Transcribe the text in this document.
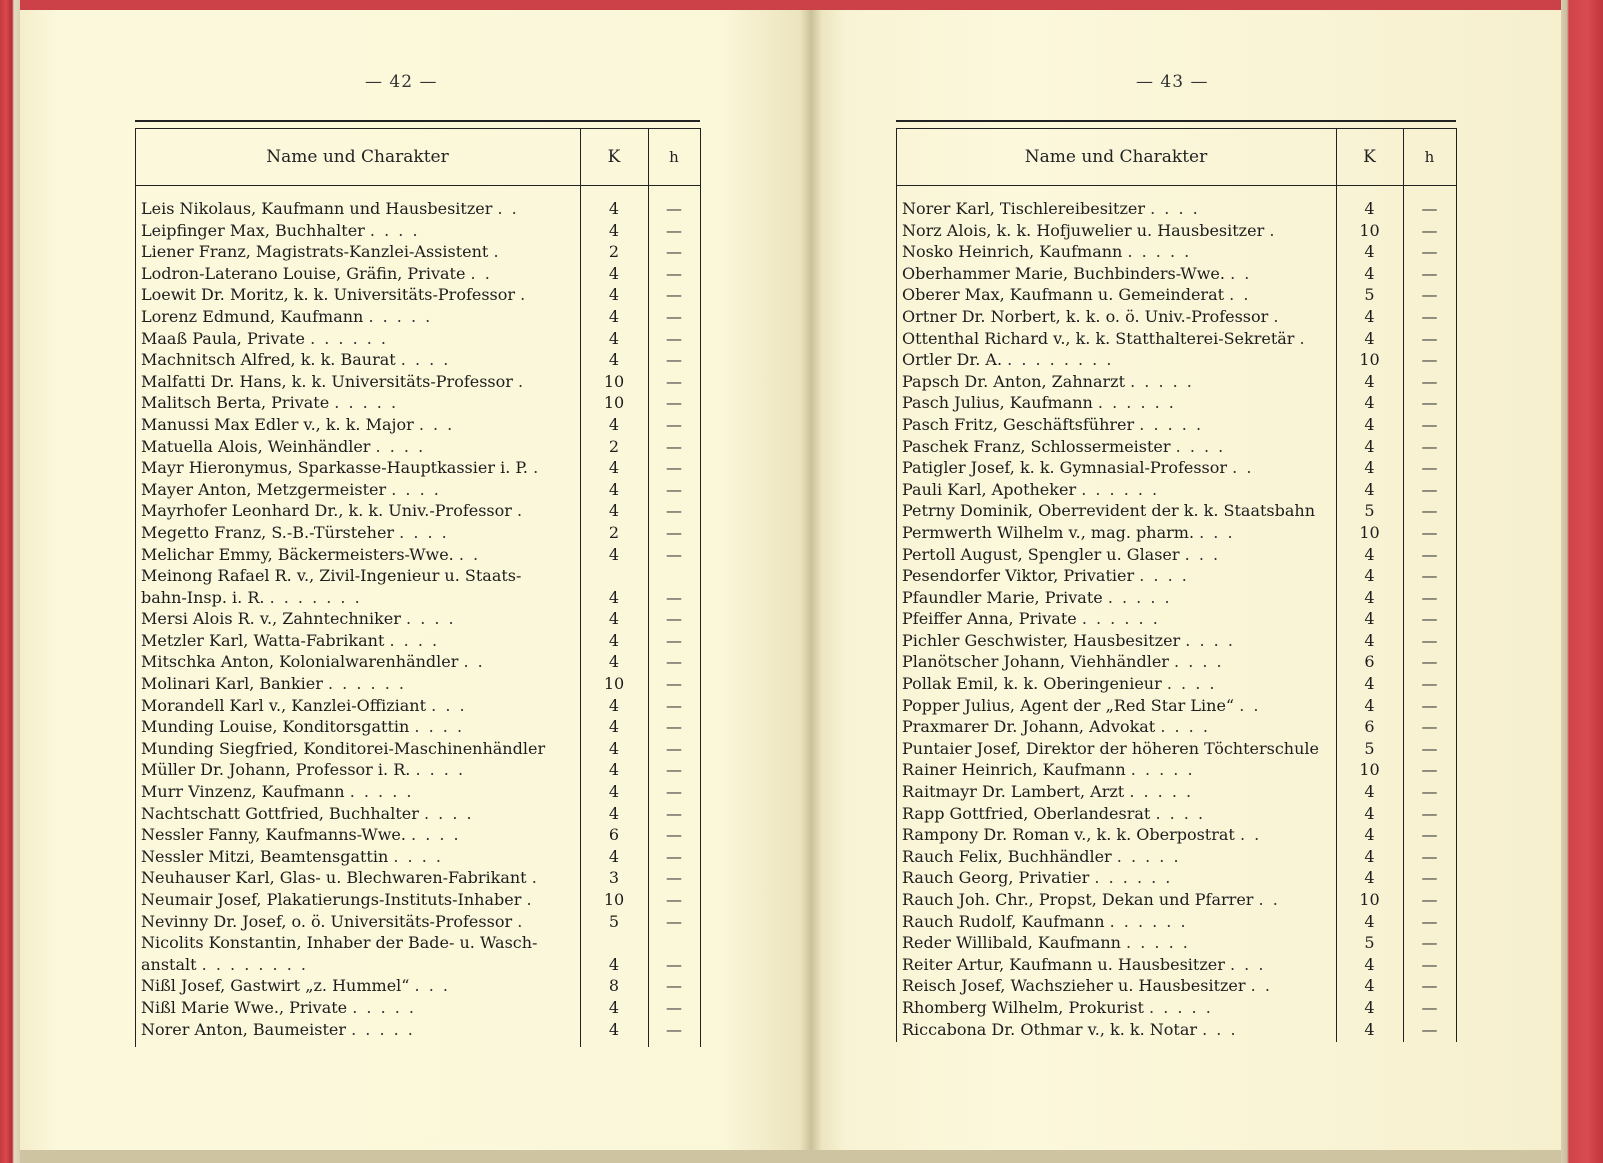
— 42 —
Name und Charakter	K	h
Leis Nikolaus, Kaufmann und Hausbesitzer . .	4	—
Leipfinger Max, Buchhalter . . . .	4	—
Liener Franz, Magistrats-Kanzlei-Assistent .	2	—
Lodron-Laterano Louise, Gräfin, Private . .	4	—
Loewit Dr. Moritz, k. k. Universitäts-Professor .	4	—
Lorenz Edmund, Kaufmann . . . . .	4	—
Maaß Paula, Private . . . . . .	4	—
Machnitsch Alfred, k. k. Baurat . . . .	4	—
Malfatti Dr. Hans, k. k. Universitäts-Professor .	10	—
Malitsch Berta, Private . . . . .	10	—
Manussi Max Edler v., k. k. Major . . .	4	—
Matuella Alois, Weinhändler . . . .	2	—
Mayr Hieronymus, Sparkasse-Hauptkassier i. P. .	4	—
Mayer Anton, Metzgermeister . . . .	4	—
Mayrhofer Leonhard Dr., k. k. Univ.-Professor .	4	—
Megetto Franz, S.-B.-Türsteher . . . .	2	—
Melichar Emmy, Bäckermeisters-Wwe. . .	4	—
Meinong Rafael R. v., Zivil-Ingenieur u. Staats-
bahn-Insp. i. R. . . . . . . .	4	—
Mersi Alois R. v., Zahntechniker . . . .	4	—
Metzler Karl, Watta-Fabrikant . . . .	4	—
Mitschka Anton, Kolonialwarenhändler . .	4	—
Molinari Karl, Bankier . . . . . .	10	—
Morandell Karl v., Kanzlei-Offiziant . . .	4	—
Munding Louise, Konditorsgattin . . . .	4	—
Munding Siegfried, Konditorei-Maschinenhändler	4	—
Müller Dr. Johann, Professor i. R. . . . .	4	—
Murr Vinzenz, Kaufmann . . . . .	4	—
Nachtschatt Gottfried, Buchhalter . . . .	4	—
Nessler Fanny, Kaufmanns-Wwe. . . . .	6	—
Nessler Mitzi, Beamtensgattin . . . .	4	—
Neuhauser Karl, Glas- u. Blechwaren-Fabrikant .	3	—
Neumair Josef, Plakatierungs-Instituts-Inhaber .	10	—
Nevinny Dr. Josef, o. ö. Universitäts-Professor .	5	—
Nicolits Konstantin, Inhaber der Bade- u. Wasch-
anstalt . . . . . . . .	4	—
Nißl Josef, Gastwirt „z. Hummel“ . . .	8	—
Nißl Marie Wwe., Private . . . . .	4	—
Norer Anton, Baumeister . . . . .	4	—
— 43 —
Name und Charakter	K	h
Norer Karl, Tischlereibesitzer . . . .	4	—
Norz Alois, k. k. Hofjuwelier u. Hausbesitzer .	10	—
Nosko Heinrich, Kaufmann . . . . .	4	—
Oberhammer Marie, Buchbinders-Wwe. . .	4	—
Oberer Max, Kaufmann u. Gemeinderat . .	5	—
Ortner Dr. Norbert, k. k. o. ö. Univ.-Professor .	4	—
Ottenthal Richard v., k. k. Statthalterei-Sekretär .	4	—
Ortler Dr. A. . . . . . . . .	10	—
Papsch Dr. Anton, Zahnarzt . . . . .	4	—
Pasch Julius, Kaufmann . . . . . .	4	—
Pasch Fritz, Geschäftsführer . . . . .	4	—
Paschek Franz, Schlossermeister . . . .	4	—
Patigler Josef, k. k. Gymnasial-Professor . .	4	—
Pauli Karl, Apotheker . . . . . .	4	—
Petrny Dominik, Oberrevident der k. k. Staatsbahn	5	—
Permwerth Wilhelm v., mag. pharm. . . .	10	—
Pertoll August, Spengler u. Glaser . . .	4	—
Pesendorfer Viktor, Privatier . . . .	4	—
Pfaundler Marie, Private . . . . .	4	—
Pfeiffer Anna, Private . . . . . .	4	—
Pichler Geschwister, Hausbesitzer . . . .	4	—
Planötscher Johann, Viehhändler . . . .	6	—
Pollak Emil, k. k. Oberingenieur . . . .	4	—
Popper Julius, Agent der „Red Star Line“ . .	4	—
Praxmarer Dr. Johann, Advokat . . . .	6	—
Puntaier Josef, Direktor der höheren Töchterschule	5	—
Rainer Heinrich, Kaufmann . . . . .	10	—
Raitmayr Dr. Lambert, Arzt . . . . .	4	—
Rapp Gottfried, Oberlandesrat . . . .	4	—
Rampony Dr. Roman v., k. k. Oberpostrat . .	4	—
Rauch Felix, Buchhändler . . . . .	4	—
Rauch Georg, Privatier . . . . . .	4	—
Rauch Joh. Chr., Propst, Dekan und Pfarrer . .	10	—
Rauch Rudolf, Kaufmann . . . . . .	4	—
Reder Willibald, Kaufmann . . . . .	5	—
Reiter Artur, Kaufmann u. Hausbesitzer . . .	4	—
Reisch Josef, Wachszieher u. Hausbesitzer . .	4	—
Rhomberg Wilhelm, Prokurist . . . . .	4	—
Riccabona Dr. Othmar v., k. k. Notar . . .	4	—
